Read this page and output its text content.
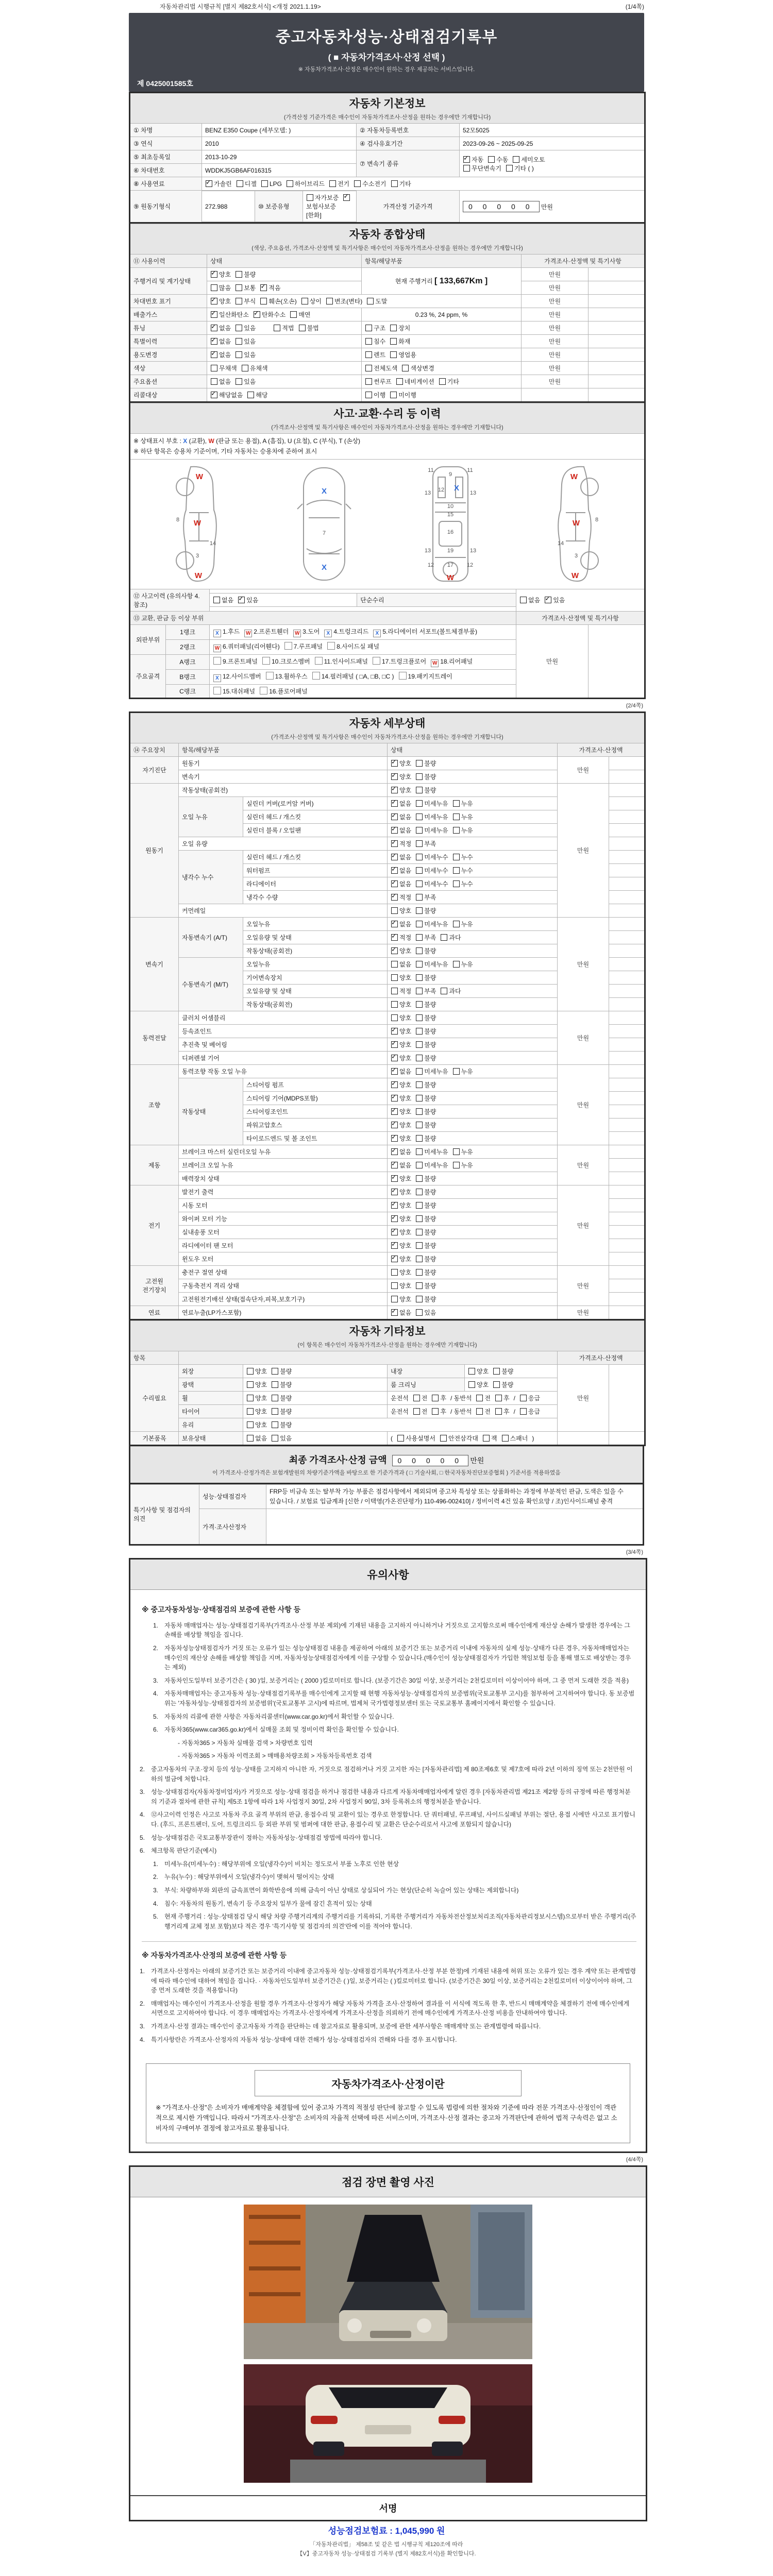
자동차관리법 시행규칙 [별지 제82호서식] <개정 2021.1.19>	(1/4쪽)
중고자동차성능·상태점검기록부
( ■ 자동차가격조사·산정 선택 )
※ 자동차가격조사·산정은 매수인이 원하는 경우 제공하는 서비스입니다.
제 0425001585호
자동차 기본정보
(가격산정 기준가격은 매수인이 자동차가격조사·산정을 원하는 경우에만 기재합니다)

① 차명	BENZ E350 Coupe (세부모델: )	② 자동차등록번호	52모5025
③ 연식	2010	④ 검사유효기간	2023-09-26 ~ 2025-09-25
⑤ 최초등록일	2013-10-29	⑦ 변속기 종류	
✓자동 수동 세미오토
무단변속기 기타 ( )

⑥ 차대번호	WDDKJ5GB6AF016315
⑧ 사용연료	✓가솔린 디젤 LPG 하이브리드 전기 수소전기 기타
⑨ 원동기형식		272.988	⑩ 보증유형	자가보증✓보험사보증[한화]
	가격산정 기준가격	0 0 0 0 0 만원
자동차 종합상태
(색상, 주요옵션, 가격조사·산정액 및 특기사항은 매수인이 자동차가격조사·산정을 원하는 경우에만 기재합니다)				

⑪ 사용이력	상태	항목/해당부품	가격조사·산정액 및 특기사항	
주행거리 및 계기상태	✓양호 불량	현재 주행거리 [ 133,667Km ]	만원	
	많음 보통 ✓ 적음		만원	
차대번호 표기	✓양호 부식 훼손(오손) 상이 변조(변타) 도말		만원	
배출가스	✓일산화탄소 ✓ 탄화수소 매연	0.23 %, 24 ppm, %	만원	
튜닝	✓없음 있음 적법 불법	구조 장치	만원	
특별이력	✓없음 있음	침수 화재	만원	
용도변경	✓없음 있음	렌트 영업용	만원	
색상	무채색 유채색	전체도색 색상변경	만원	
주요옵션	없음 있음	썬루프 네비게이션 기타	만원	
리콜대상	✓해당없음 해당	이행 미이행		
사고·교환·수리 등 이력
(가격조사·산정액 및 특기사항은 매수인이 자동차가격조사·산정을 원하는 경우에만 기재합니다)

※ 상태표시 부호 : X (교환), W (판금 또는 용접), A (흠집), U (요철), C (부식), T (손상)
※ 하단 항목은 승용차 기준이며, 기타 자동차는 승용차에 준하여 표시

W
8 W
14
3
W
X
7
X
11
9
11
13 12 X
13
10
15
16
13	19	13
12 17 12
W
W
W	8
14
3
W

⑫ 사고이력 (유의사항 4.참조)	
없음 ✓ 있음	단순수리
		없음 ✓ 있음
⑬ 교환, 판금 등 이상 부위	가격조사·산정액 및 특기사항
외판부위	1랭크	X 1.후드 W 2.프론트휀더 W 3.도어 X 4.트렁크리드 X 5.라디에이터 서포트(볼트체결부품)	만원	
2랭크	W 6.쿼터패널(리어휀다) 7.루프패널 8.사이드실 패널
주요골격	A랭크	9.프론트패널 10.크로스멤버 11.인사이드패널 17.트렁크플로어 W 18.리어패널
B랭크	X 12.사이드멤버 13.휠하우스 14.필러패널 ( □A, □B, □C ) 19.패키지트레이
C랭크	15.대쉬패널 16.플로어패널
(2/4쪽)
자동차 세부상태
(가격조사·산정액 및 특기사항은 매수인이 자동차가격조사·산정을 원하는 경우에만 기재합니다)					

⑭ 주요장치	항목/해당부품		상태	가격조사·산정액	
자기진단	원동기	✓양호 불량	만원	
	변속기	✓양호 불량	
원동기	작동상태(공회전)	✓양호 불량	만원	
	오일 누유	실린더 커버(로커암 커버)	✓없음 미세누유 누유	
		실린더 헤드 / 개스킷	✓없음 미세누유 누유	
		실린더 블록 / 오일팬	✓없음 미세누유 누유	
	오일 유량	✓적정 부족	
	냉각수 누수	실린더 헤드 / 개스킷	✓없음 미세누수 누수	
		워터펌프	✓없음 미세누수 누수	
		라디에이터	✓없음 미세누수 누수	
		냉각수 수량	✓적정 부족	
	커먼레일		양호 불량		
변속기	자동변속기 (A/T)	오일누유	✓없음 미세누유 누유	만원	
		오일유량 및 상태	✓적정 부족 과다	
		작동상태(공회전)	✓양호 불량	
	수동변속기 (M/T)	오일누유	없음 미세누유 누유		
		기어변속장치	양호 불량		
		오일유량 및 상태	적정 부족 과다		
		작동상태(공회전)	양호 불량		
동력전달	클러치 어셈블리		양호 불량	만원	
	등속죠인트	✓양호 불량	
	추진축 및 베어링	✓양호 불량	
	디퍼렌셜 기어	✓양호 불량	
조향	동력조향 작동 오일 누유	✓없음 미세누유 누유	만원	
	작동상태	스티어링 펌프	✓양호 불량	
		스티어링 기어(MDPS포함)	✓양호 불량	
		스티어링조인트	✓양호 불량	
		파워고압호스	✓양호 불량	
		타이로드엔드 및 볼 조인트	✓양호 불량	
제동	브레이크 마스터 실린더오일 누유	✓없음 미세누유 누유	만원	
	브레이크 오일 누유	✓없음 미세누유 누유	
	배력장치 상태	✓양호 불량	
전기	발전기 출력	✓양호 불량	만원	
	시동 모터	✓양호 불량	
	와이퍼 모터 기능	✓양호 불량	
	실내송풍 모터	✓양호 불량	
	라디에이터 팬 모터	✓양호 불량	
	윈도우 모터	✓양호 불량	
고전원 전기장치	충전구 절연 상태		양호 불량	만원	
	구동축전지 격리 상태		양호 불량		
	고전원전기배선 상태(접속단자,피복,보호기구)		양호 불량		
연료	연료누출(LP가스포함)	✓없음 있음	만원	
자동차 기타정보
(이 항목은 매수인이 자동차가격조사·산정을 원하는 경우에만 기재합니다)						

항목					가격조사·산정액	
수리필요	외장	양호 불량	내장	양호 불량	만원	
	광택	양호 불량	룸 크리닝	양호 불량		
	휠	양호 불량	운전석 전 후 / 동반석 전 후 / 응급			
	타이어	양호 불량	운전석 전 후 / 동반석 전 후 / 응급			
	유리	양호 불량				
기본품목	보유상태	없음 있음	( 사용설명서 안전삼각대 잭 스패너 )			
최종 가격조사·산정 금액 0 0 0 0 0 만원
이 가격조사·산정가격은 보험개발원의 차량기준가액을 바탕으로 한 기준가격과 ( □ 기술사회, □ 한국자동차진단보증협회 ) 기준서를 적용하였음
특기사항 및 점검자의 의견	성능·상태점검자	FRP등 비금속 또는 탈부착 가능 부품은 점검사항에서 제외되며 중고차 특성상 또는 상품화하는 과정에 부분적인 판금, 도색은 있을 수 있습니다. / 보험료 입금계좌 [신한 / 이택영(가온진단평가) 110-496-002410] / 정비이력 4건 있음 확인요망 / 조)인사이드패널 충격
	가격·조사산정자	
(3/4쪽)
유의사항
※ 중고자동차성능·상태점검의 보증에 관한 사항 등
1. 자동차 매매업자는 성능·상태점검기록부(가격조사·산정 부분 제외)에 기재된 내용을 고지하지 아니하거나 거짓으로 고지함으로써 매수인에게 재산상 손해가 발생한 경우에는 그 손해를 배상할 책임을 집니다.
2. 자동차성능상태점검자가 거짓 또는 오류가 있는 성능상태점검 내용을 제공하여 아래의 보증기간 또는 보증거리 이내에 자동차의 실제 성능·상태가 다른 경우, 자동차매매업자는 매수인의 재산상 손해를 배상할 책임을 지며, 자동차성능상태점검자에게 이를 구상할 수 있습니다.(매수인이 성능상태점검자가 가입한 책임보험 등을 통해 별도로 배상받는 경우는 제외)
3. 자동차인도일부터 보증기간은 ( 30 )일, 보증거리는 ( 2000 )킬로미터로 합니다. (보증기간은 30일 이상, 보증거리는 2천킬로미터 이상이어야 하며, 그 중 먼저 도래한 것을 적용)
4. 자동차매매업자는 중고자동차 성능·상태점검기록부를 매수인에게 고지할 때 현행 자동차성능·상태점검자의 보증범위(국토교통부 고시)를 첨부하여 고지하여야 합니다. 동 보증범위는 '자동차성능·상태점검자의 보증범위'(국토교통부 고시)에 따르며, 법제처 국가법령정보센터 또는 국토교통부 홈페이지에서 확인할 수 있습니다.
5. 자동차의 리콜에 관한 사항은 자동차리콜센터(www.car.go.kr)에서 확인할 수 있습니다.
6. 자동차365(www.car365.go.kr)에서 실매물 조회 및 정비이력 확인을 확인할 수 있습니다.
- 자동차365 > 자동차 실매물 검색 > 차량번호 입력
- 자동차365 > 자동차 이력조회 > 매매용차량조회 > 자동차등록번호 검색
2. 중고자동차의 구조·장치 등의 성능·상태를 고지하지 아니한 자, 거짓으로 점검하거나 거짓 고지한 자는 [자동차관리법] 제 80조제6호 및 제7호에 따라 2년 이하의 징역 또는 2천만원 이하의 벌금에 처합니다.
3. 성능·상태점검자(자동차정비업자)가 거짓으로 성능·상태 점검을 하거나 점검한 내용과 다르게 자동차매매업자에게 알린 경우 [자동차관리법 제21조 제2항 등의 규정에 따른 행정처분의 기준과 절차에 관한 규칙] 제5조 1항에 따라 1차 사업정지 30일, 2차 사업정지 90일, 3차 등록취소의 행정처분을 받습니다.
4. ⑫사고이력 인정은 사고로 자동차 주요 골격 부위의 판금, 용접수리 및 교환이 있는 경우로 한정합니다. 단 쿼터패널, 루프패널, 사이드실패널 부위는 절단, 용접 시에만 사고로 표기합니다. (후드, 프론트펜더, 도어, 트렁크리드 등 외판 부위 및 범퍼에 대한 판금, 용접수리 및 교환은 단순수리로서 사고에 포함되지 않습니다)
5. 성능·상태점검은 국토교통부장관이 정하는 자동차성능·상태점검 방법에 따라야 합니다.
6. 체크항목 판단기준(예시)
1. 미세누유(미세누수) : 해당부위에 오일(냉각수)이 비치는 정도로서 부품 노후로 인한 현상
2. 누유(누수) : 해당부위에서 오일(냉각수)이 맺혀서 떨어지는 상태
3. 부식: 차량하부와 외판의 금속표면이 화학반응에 의해 금속이 아닌 상태로 상실되어 가는 현상(단순히 녹슬어 있는 상태는 제외합니다)
4. 침수: 자동차의 원동기, 변속기 등 주요장치 일부가 물에 잠긴 흔적이 있는 상태
5. 현재 주행거리 : 성능·상태점검 당시 해당 차량 주행거리계의 주행거리를 기록하되, 기록한 주행거리가 자동차전산정보처리조직(자동차관리정보시스템)으로부터 받은 주행거리(주행거리계 교체 정보 포함)보다 적은 경우 '특기사항 및 점검자의 의견'란에 이를 적어야 합니다.
※ 자동차가격조사·산정의 보증에 관한 사항 등
1. 가격조사·산정자는 아래의 보증기간 또는 보증거리 이내에 중고자동차 성능·상태점검기록부(가격조사·산정 부분 한정)에 기재된 내용에 허위 또는 오류가 있는 경우 계약 또는 관계법령에 따라 매수인에 대하여 책임을 집니다. · 자동차인도일부터 보증기간은 ( )일, 보증거리는 ( )킬로미터로 합니다. (보증기간은 30일 이상, 보증거리는 2천킬로미터 이상이어야 하며, 그 중 먼저 도래한 것을 적용합니다)
2. 매매업자는 매수인이 가격조사·산정을 원할 경우 가격조사·산정자가 해당 자동차 가격을 조사·산정하여 결과를 이 서식에 적도록 한 후, 반드시 매매계약을 체결하기 전에 매수인에게 서면으로 고지하여야 합니다. 이 경우 매매업자는 가격조사·산정자에게 가격조사·산정을 의뢰하기 전에 매수인에게 가격조사·산정 비용을 안내하여야 합니다.
3. 가격조사·산정 결과는 매수인이 중고자동차 가격을 판단하는 데 참고자료로 활용되며, 보증에 관한 세부사항은 매매계약 또는 관계법령에 따릅니다.
4. 특기사항란은 가격조사·산정자의 자동차 성능·상태에 대한 견해가 성능·상태점검자의 견해와 다를 경우 표시합니다.
자동차가격조사·산정이란
※ "가격조사·산정"은 소비자가 매매계약을 체결함에 있어 중고차 가격의 적절성 판단에 참고할 수 있도록 법령에 의한 절차와 기준에 따라 전문 가격조사·산정인이 객관적으로 제시한 가액입니다. 따라서 "가격조사·산정"은 소비자의 자율적 선택에 따른 서비스이며, 가격조사·산정 결과는 중고차 가격판단에 관하여 법적 구속력은 없고 소비자의 구매여부 결정에 참고자료로 활용됩니다.
(4/4쪽)
점검 장면 촬영 사진
서명
성능점검보험료 : 1,045,990 원
「자동차관리법」 제58조 및 같은 법 시행규칙 제120조에 따라
【V】중고자동차 성능·상태점검 기록부 (별지 제82호서식)를 확인합니다.
